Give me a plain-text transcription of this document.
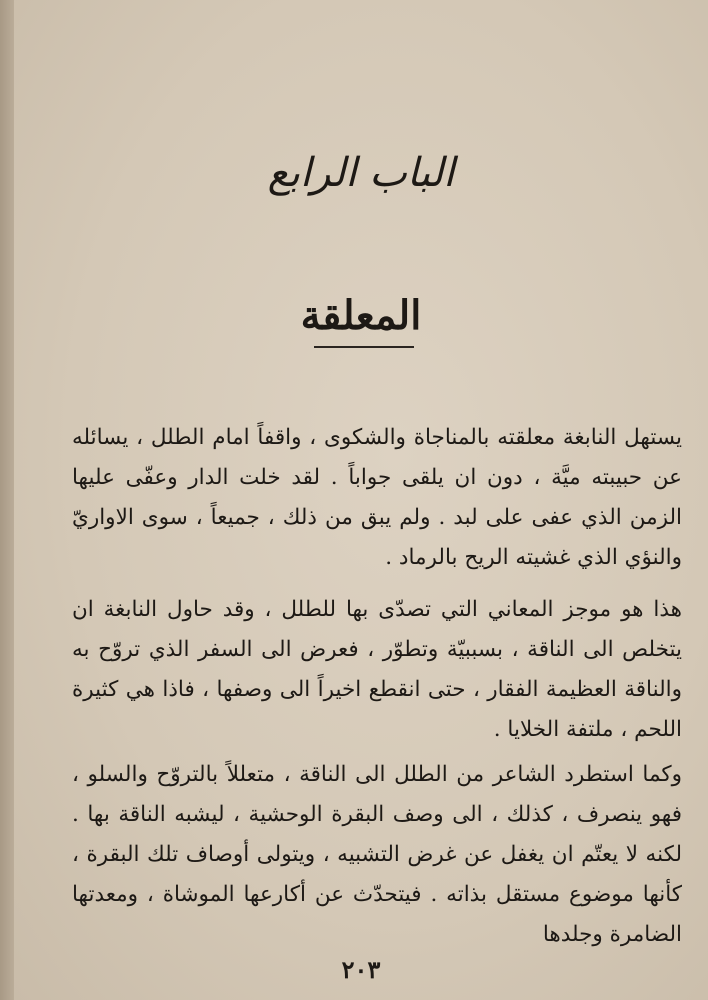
الباب الرابع
المعلقة

يستهل النابغة معلقته بالمناجاة والشكوى ، واقفاً امام الطلل ، يسائله عن حبيبته ميَّة ، دون ان يلقى جواباً . لقد خلت الدار وعفّى عليها الزمن الذي عفى على لبد . ولم يبق من ذلك ، جميعاً ، سوى الاواريّ والنؤي الذي غشيته الريح بالرماد .

هذا هو موجز المعاني التي تصدّى بها للطلل ، وقد حاول النابغة ان يتخلص الى الناقة ، بسببيّة وتطوّر ، فعرض الى السفر الذي تروّح به والناقة العظيمة الفقار ، حتى انقطع اخيراً الى وصفها ، فاذا هي كثيرة اللحم ، ملتفة الخلايا .

وكما استطرد الشاعر من الطلل الى الناقة ، متعللاً بالتروّح والسلو ، فهو ينصرف ، كذلك ، الى وصف البقرة الوحشية ، ليشبه الناقة بها . لكنه لا يعتّم ان يغفل عن غرض التشبيه ، ويتولى أوصاف تلك البقرة ، كأنها موضوع مستقل بذاته . فيتحدّث عن أكارعها الموشاة ، ومعدتها الضامرة وجلدها

٢٠٣
